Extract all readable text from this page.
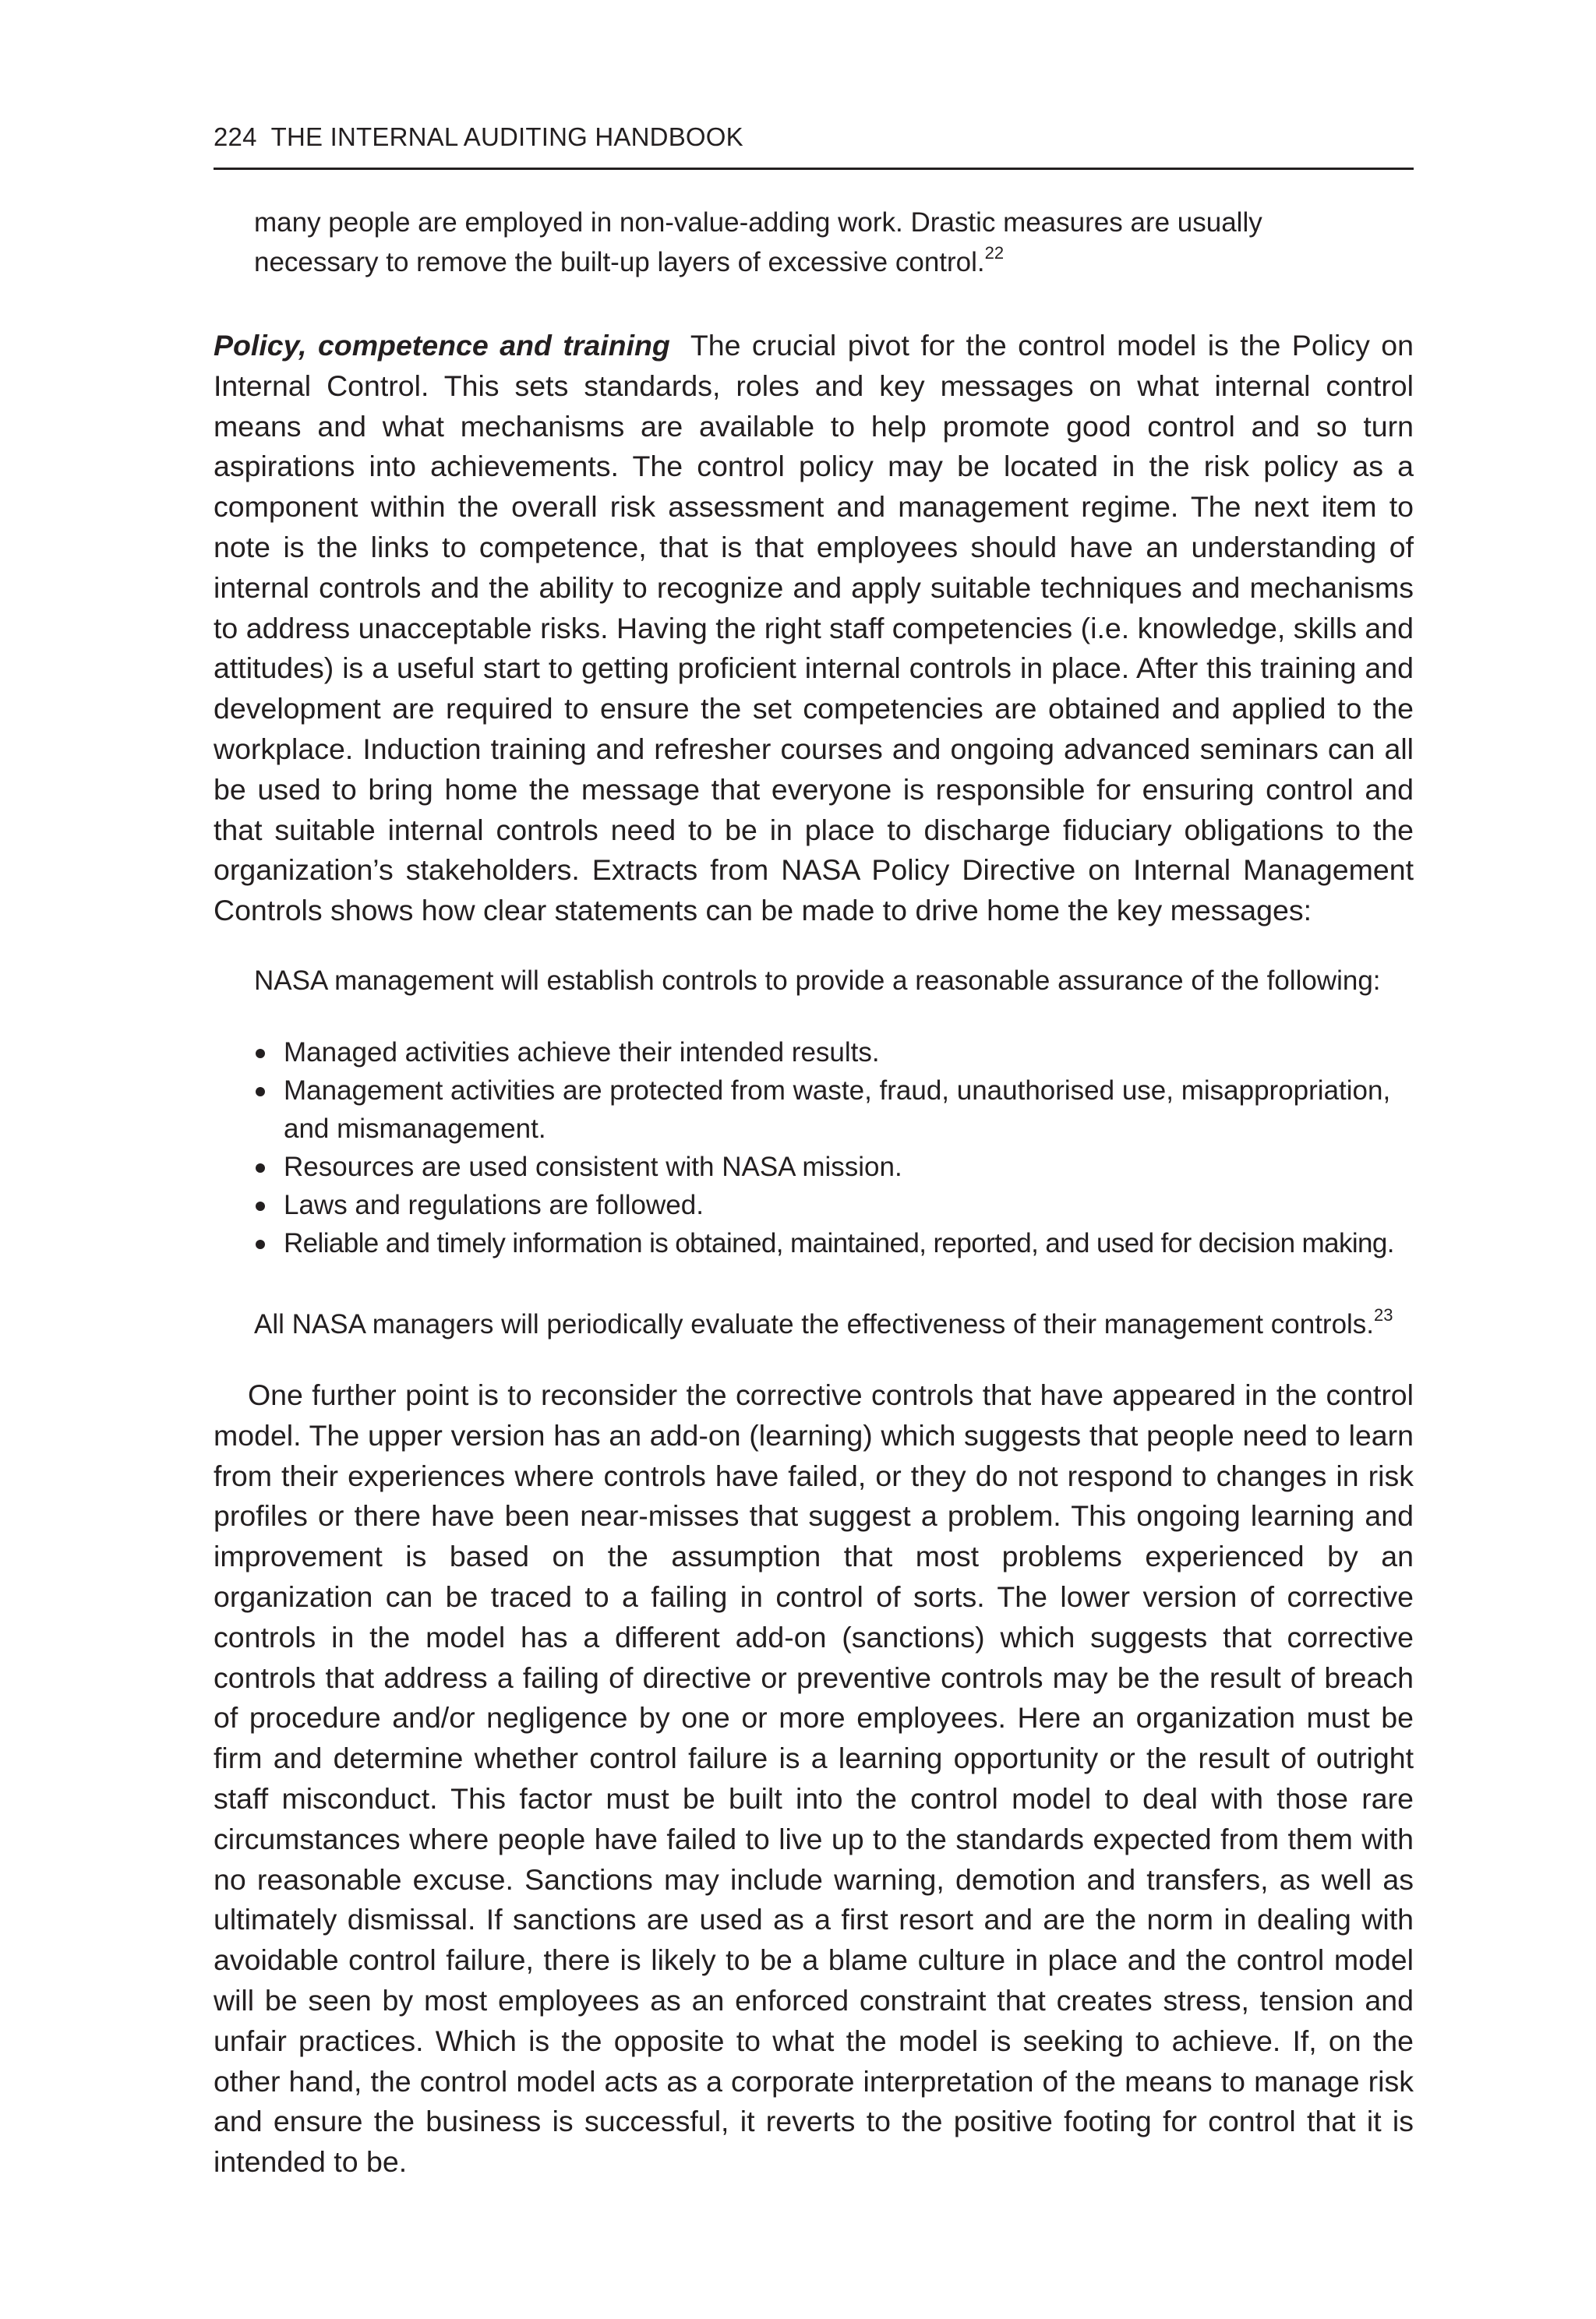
224 THE INTERNAL AUDITING HANDBOOK

many people are employed in non-value-adding work. Drastic measures are usually necessary to remove the built-up layers of excessive control.$^{22}$

Policy, competence and training The crucial pivot for the control model is the Policy on Internal Control. This sets standards, roles and key messages on what internal control means and what mechanisms are available to help promote good control and so turn aspirations into achievements. The control policy may be located in the risk policy as a component within the overall risk assessment and management regime. The next item to note is the links to competence, that is that employees should have an understanding of internal controls and the ability to recognize and apply suitable techniques and mechanisms to address unacceptable risks. Having the right staff competencies (i.e. knowledge, skills and attitudes) is a useful start to getting proficient internal controls in place. After this training and development are required to ensure the set competencies are obtained and applied to the workplace. Induction training and refresher courses and ongoing advanced seminars can all be used to bring home the message that everyone is responsible for ensuring control and that suitable internal controls need to be in place to discharge fiduciary obligations to the organization’s stakeholders. Extracts from NASA Policy Directive on Internal Management Controls shows how clear statements can be made to drive home the key messages:

NASA management will establish controls to provide a reasonable assurance of the following:

Managed activities achieve their intended results.
Management activities are protected from waste, fraud, unauthorised use, misappropriation, and mismanagement.
Resources are used consistent with NASA mission.
Laws and regulations are followed.
Reliable and timely information is obtained, maintained, reported, and used for decision making.

All NASA managers will periodically evaluate the effectiveness of their management controls.$^{23}$

One further point is to reconsider the corrective controls that have appeared in the control model. The upper version has an add-on (learning) which suggests that people need to learn from their experiences where controls have failed, or they do not respond to changes in risk profiles or there have been near-misses that suggest a problem. This ongoing learning and improvement is based on the assumption that most problems experienced by an organization can be traced to a failing in control of sorts. The lower version of corrective controls in the model has a different add-on (sanctions) which suggests that corrective controls that address a failing of directive or preventive controls may be the result of breach of procedure and/or negligence by one or more employees. Here an organization must be firm and determine whether control failure is a learning opportunity or the result of outright staff misconduct. This factor must be built into the control model to deal with those rare circumstances where people have failed to live up to the standards expected from them with no reasonable excuse. Sanctions may include warning, demotion and transfers, as well as ultimately dismissal. If sanctions are used as a first resort and are the norm in dealing with avoidable control failure, there is likely to be a blame culture in place and the control model will be seen by most employees as an enforced constraint that creates stress, tension and unfair practices. Which is the opposite to what the model is seeking to achieve. If, on the other hand, the control model acts as a corporate interpretation of the means to manage risk and ensure the business is successful, it reverts to the positive footing for control that it is intended to be.
